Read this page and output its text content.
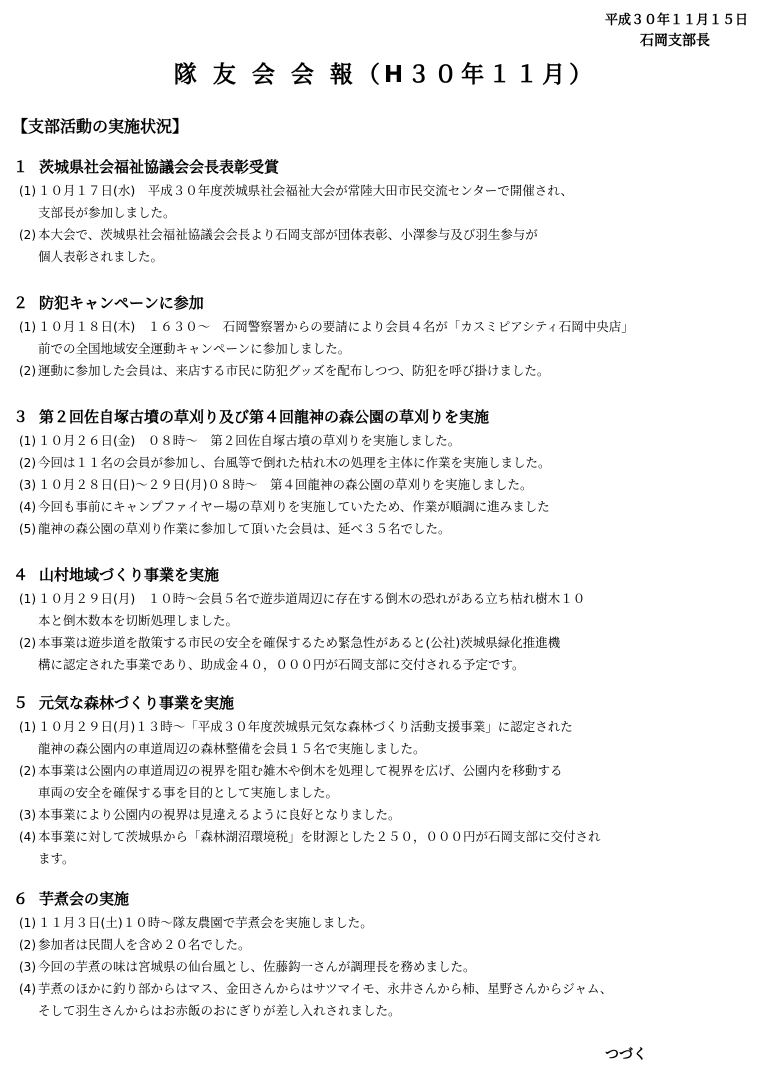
平成３０年１１月１５日
石岡支部長
隊 友 会 会 報（H３０年１１月）
【支部活動の実施状況】
１ 茨城県社会福祉協議会会長表彰受賞
(1) １０月１７日(水)　平成３０年度茨城県社会福祉大会が常陸大田市民交流センターで開催され、
支部長が参加しました。
(2) 本大会で、茨城県社会福祉協議会会長より石岡支部が団体表彰、小澤参与及び羽生参与が
個人表彰されました。
２ 防犯キャンペーンに参加
(1) １０月１８日(木)　１６３０～　石岡警察署からの要請により会員４名が「カスミピアシティ石岡中央店」
前での全国地域安全運動キャンペーンに参加しました。
(2) 運動に参加した会員は、来店する市民に防犯グッズを配布しつつ、防犯を呼び掛けました。
３ 第２回佐自塚古墳の草刈り及び第４回龍神の森公園の草刈りを実施
(1) １０月２６日(金)　０８時～　第２回佐自塚古墳の草刈りを実施しました。
(2) 今回は１１名の会員が参加し、台風等で倒れた枯れ木の処理を主体に作業を実施しました。
(3) １０月２８日(日)～２９日(月)０８時～　第４回龍神の森公園の草刈りを実施しました。
(4) 今回も事前にキャンプファイヤー場の草刈りを実施していたため、作業が順調に進みました
(5) 龍神の森公園の草刈り作業に参加して頂いた会員は、延べ３５名でした。
４ 山村地域づくり事業を実施
(1) １０月２９日(月)　１０時～会員５名で遊歩道周辺に存在する倒木の恐れがある立ち枯れ樹木１０
本と倒木数本を切断処理しました。
(2) 本事業は遊歩道を散策する市民の安全を確保するため緊急性があると(公社)茨城県緑化推進機
構に認定された事業であり、助成金４０，０００円が石岡支部に交付される予定です。
５ 元気な森林づくり事業を実施
(1) １０月２９日(月)１３時～「平成３０年度茨城県元気な森林づくり活動支援事業」に認定された
龍神の森公園内の車道周辺の森林整備を会員１５名で実施しました。
(2) 本事業は公園内の車道周辺の視界を阻む雑木や倒木を処理して視界を広げ、公園内を移動する
車両の安全を確保する事を目的として実施しました。
(3) 本事業により公園内の視界は見違えるように良好となりました。
(4) 本事業に対して茨城県から「森林湖沼環境税」を財源とした２５０，０００円が石岡支部に交付され
ます。
６ 芋煮会の実施
(1) １１月３日(土)１０時～隊友農園で芋煮会を実施しました。
(2) 参加者は民間人を含め２０名でした。
(3) 今回の芋煮の味は宮城県の仙台風とし、佐藤鈎一さんが調理長を務めました。
(4) 芋煮のほかに釣り部からはマス、金田さんからはサツマイモ、永井さんから柿、星野さんからジャム、
そして羽生さんからはお赤飯のおにぎりが差し入れされました。
つづく
